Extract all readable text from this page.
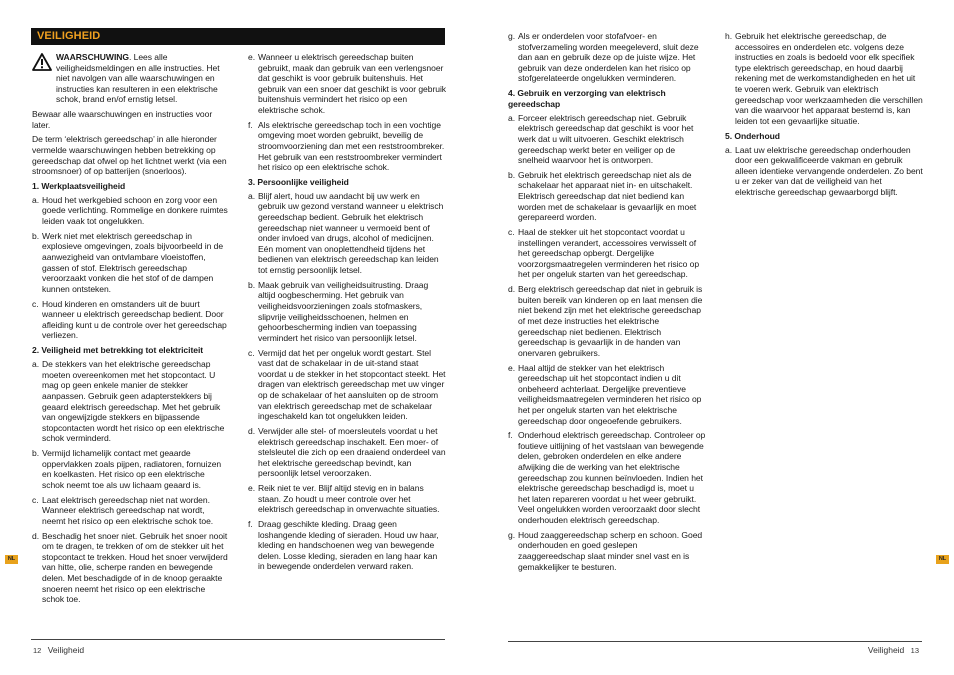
VEILIGHEID
WAARSCHUWING. Lees alle veiligheidsmeldingen en alle instructies. Het niet navolgen van alle waarschuwingen en instructies kan resulteren in een elektrische schok, brand en/of ernstig letsel.

Bewaar alle waarschuwingen en instructies voor later.

De term ‘elektrisch gereedschap’ in alle hieronder vermelde waarschuwingen hebben betrekking op gereedschap dat ofwel op het lichtnet werkt (via een stroomsnoer) of op batterijen (snoerloos).

1. Werkplaatsveiligheid
a. Houd het werkgebied schoon en zorg voor een goede verlichting. Rommelige en donkere ruimtes leiden vaak tot ongelukken.
b. Werk niet met elektrisch gereedschap in explosieve omgevingen, zoals bijvoorbeeld in de aanwezigheid van ontvlambare vloeistoffen, gassen of stof. Elektrisch gereedschap veroorzaakt vonken die het stof of de dampen kunnen ontsteken.
c. Houd kinderen en omstanders uit de buurt wanneer u elektrisch gereedschap bedient. Door afleiding kunt u de controle over het gereedschap verliezen.
2. Veiligheid met betrekking tot elektriciteit
a. De stekkers van het elektrische gereedschap moeten overeenkomen met het stopcontact. U mag op geen enkele manier de stekker aanpassen. Gebruik geen adapterstekkers bij geaard elektrisch gereedschap. Met het gebruik van ongewijzigde stekkers en bijpassende stopcontacten wordt het risico op een elektrische schok verminderd.
b. Vermijd lichamelijk contact met geaarde oppervlakken zoals pijpen, radiatoren, fornuizen en koelkasten. Het risico op een elektrische schok neemt toe als uw lichaam geaard is.
c. Laat elektrisch gereedschap niet nat worden. Wanneer elektrisch gereedschap nat wordt, neemt het risico op een elektrische schok toe.
d. Beschadig het snoer niet. Gebruik het snoer nooit om te dragen, te trekken of om de stekker uit het stopcontact te trekken. Houd het snoer verwijderd van hitte, olie, scherpe randen en bewegende delen. Met beschadigde of in de knoop geraakte snoeren neemt het risico op een elektrische schok toe.
e. Wanneer u elektrisch gereedschap buiten gebruikt, maak dan gebruik van een verlengsnoer dat geschikt is voor gebruik buitenshuis. Het gebruik van een snoer dat geschikt is voor gebruik buitenshuis vermindert het risico op een elektrische schok.
f. Als elektrische gereedschap toch in een vochtige omgeving moet worden gebruikt, beveilig de stroomvoorziening dan met een reststroombreker. Het gebruik van een reststroombreker vermindert het risico op een elektrische schok.
3. Persoonlijke veiligheid
a. Blijf alert, houd uw aandacht bij uw werk en gebruik uw gezond verstand wanneer u elektrisch gereedschap bedient. Gebruik het elektrisch gereedschap niet wanneer u vermoeid bent of onder invloed van drugs, alcohol of medicijnen. Eén moment van onoplettendheid tijdens het bedienen van elektrisch gereedschap kan leiden tot ernstig persoonlijk letsel.
b. Maak gebruik van veiligheidsuitrusting. Draag altijd oogbescherming. Het gebruik van veiligheidsvoorzieningen zoals stofmaskers, slipvrije veiligheidsschoenen, helmen en gehoorbescherming indien van toepassing vermindert het risico van persoonlijk letsel.
c. Vermijd dat het per ongeluk wordt gestart. Stel vast dat de schakelaar in de uit-stand staat voordat u de stekker in het stopcontact steekt. Het dragen van elektrisch gereedschap met uw vinger op de schakelaar of het aansluiten op de stroom van elektrisch gereedschap met de schakelaar ingeschakeld kan tot ongelukken leiden.
d. Verwijder alle stel- of moersleutels voordat u het elektrisch gereedschap inschakelt. Een moer- of stelsleutel die zich op een draaiend onderdeel van het elektrische gereedschap bevindt, kan persoonlijk letsel veroorzaken.
e. Reik niet te ver. Blijf altijd stevig en in balans staan. Zo houdt u meer controle over het elektrisch gereedschap in onverwachte situaties.
f. Draag geschikte kleding. Draag geen loshangende kleding of sieraden. Houd uw haar, kleding en handschoenen weg van bewegende delen. Losse kleding, sieraden en lang haar kan in bewegende onderdelen verward raken.
NL
12 Veiligheid
g. Als er onderdelen voor stofafvoer- en stofverzameling worden meegeleverd, sluit deze dan aan en gebruik deze op de juiste wijze. Het gebruik van deze onderdelen kan het risico op stofgerelateerde ongelukken verminderen.
4. Gebruik en verzorging van elektrisch gereedschap
a. Forceer elektrisch gereedschap niet. Gebruik elektrisch gereedschap dat geschikt is voor het werk dat u wilt uitvoeren. Geschikt elektrisch gereedschap werkt beter en veiliger op de snelheid waarvoor het is ontworpen.
b. Gebruik het elektrisch gereedschap niet als de schakelaar het apparaat niet in- en uitschakelt. Elektrisch gereedschap dat niet bediend kan worden met de schakelaar is gevaarlijk en moet gerepareerd worden.
c. Haal de stekker uit het stopcontact voordat u instellingen verandert, accessoires verwisselt of het gereedschap opbergt. Dergelijke voorzorgsmaatregelen verminderen het risico op het per ongeluk starten van het gereedschap.
d. Berg elektrisch gereedschap dat niet in gebruik is buiten bereik van kinderen op en laat mensen die niet bekend zijn met het elektrische gereedschap of met deze instructies het elektrische gereedschap niet bedienen. Elektrisch gereedschap is gevaarlijk in de handen van onervaren gebruikers.
e. Haal altijd de stekker van het elektrisch gereedschap uit het stopcontact indien u dit onbeheerd achterlaat. Dergelijke preventieve veiligheidsmaatregelen verminderen het risico op het per ongeluk starten van het elektrische gereedschap door ongeoefende gebruikers.
f. Onderhoud elektrisch gereedschap. Controleer op foutieve uitlijning of het vastslaan van bewegende delen, gebroken onderdelen en elke andere afwijking die de werking van het elektrische gereedschap zou kunnen beïnvloeden. Indien het elektrische gereedschap beschadigd is, moet u het laten repareren voordat u het weer gebruikt. Veel ongelukken worden veroorzaakt door slecht onderhouden elektrisch gereedschap.
g. Houd zaaggereedschap scherp en schoon. Goed onderhouden en goed geslepen zaaggereedschap slaat minder snel vast en is gemakkelijker te besturen.
h. Gebruik het elektrische gereedschap, de accessoires en onderdelen etc. volgens deze instructies en zoals is bedoeld voor elk specifiek type elektrisch gereedschap, en houd daarbij rekening met de werkomstandigheden en het uit te voeren werk. Gebruik van elektrisch gereedschap voor werkzaamheden die verschillen van die waarvoor het apparaat bestemd is, kan leiden tot een gevaarlijke situatie.
5. Onderhoud
a. Laat uw elektrische gereedschap onderhouden door een gekwalificeerde vakman en gebruik alleen identieke vervangende onderdelen. Zo bent u er zeker van dat de veiligheid van het elektrische gereedschap gewaarborgd blijft.
NL
Veiligheid 13
